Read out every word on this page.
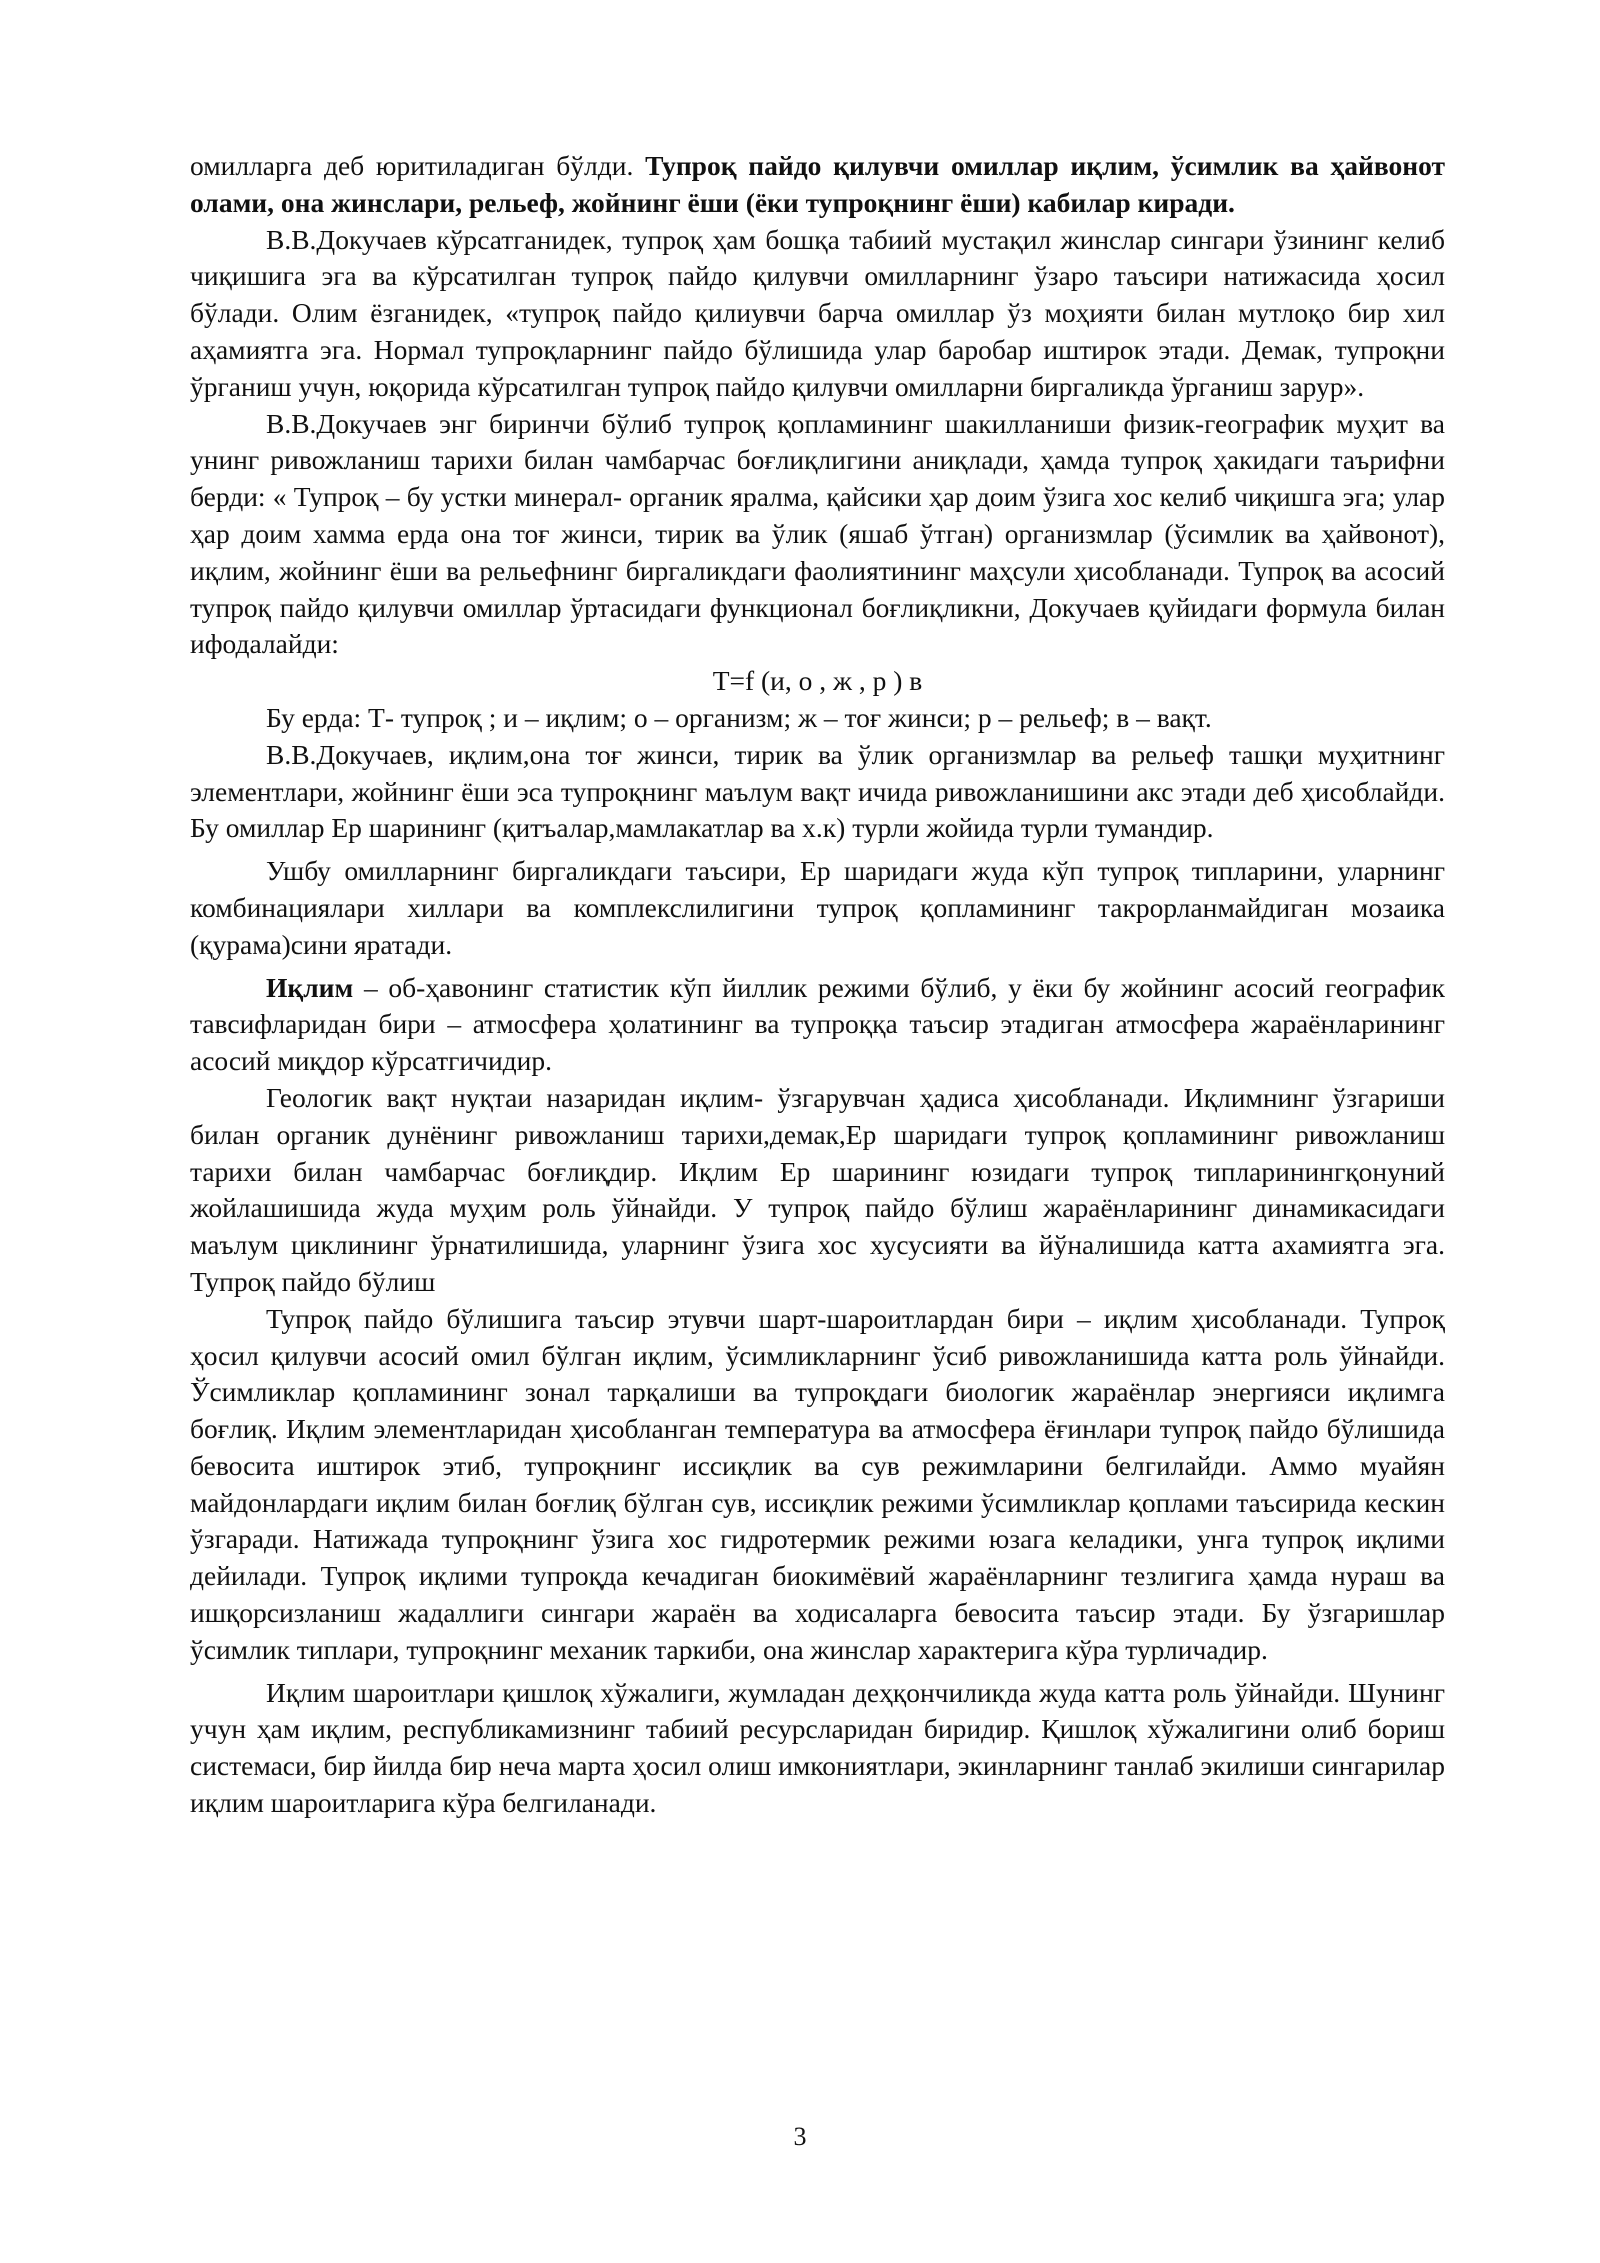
омилларга деб юритиладиган бўлди. Тупроқ пайдо қилувчи омиллар иқлим, ўсимлик ва ҳайвонот олами, она жинслари, рельеф, жойнинг ёши (ёки тупроқнинг ёши) кабилар киради.

В.В.Докучаев кўрсатганидек, тупроқ ҳам бошқа табиий мустақил жинслар сингари ўзининг келиб чиқишига эга ва кўрсатилган тупроқ пайдо қилувчи омилларнинг ўзаро таъсири натижасида ҳосил бўлади. Олим ёзганидек, «тупроқ пайдо қилиувчи барча омиллар ўз моҳияти билан мутлоқо бир хил аҳамиятга эга. Нормал тупроқларнинг пайдо бўлишида улар баробар иштирок этади. Демак, тупроқни ўрганиш учун, юқорида кўрсатилган тупроқ пайдо қилувчи омилларни биргаликда ўрганиш зарур».

В.В.Докучаев энг биринчи бўлиб тупроқ қопламининг шакилланиши физик-географик муҳит ва унинг ривожланиш тарихи билан чамбарчас боғлиқлигини аниқлади, ҳамда тупроқ ҳакидаги таърифни берди: « Тупроқ – бу устки минерал- органик яралма, қайсики ҳар доим ўзига хос келиб чиқишга эга; улар ҳар доим хамма ерда она тоғ жинси, тирик ва ўлик (яшаб ўтган) организмлар (ўсимлик ва ҳайвонот), иқлим, жойнинг ёши ва рельефнинг биргаликдаги фаолиятининг маҳсули ҳисобланади. Тупроқ ва асосий тупроқ пайдо қилувчи омиллар ўртасидаги функционал боғлиқликни, Докучаев қуйидаги формула билан ифодалайди:

Т=f (и, о , ж , р ) в

Бу ерда: Т- тупроқ ; и – иқлим; о – организм; ж – тоғ жинси; р – рельеф; в – вақт.

В.В.Докучаев, иқлим,она тоғ жинси, тирик ва ўлик организмлар ва рельеф ташқи муҳитнинг элементлари, жойнинг ёши эса тупроқнинг маълум вақт ичида ривожланишини акс этади деб ҳисоблайди. Бу омиллар Ер шарининг (қитъалар,мамлакатлар ва х.к) турли жойида турли тумандир.

Ушбу омилларнинг биргаликдаги таъсири, Ер шаридаги жуда кўп тупроқ типларини, уларнинг комбинациялари хиллари ва комплекслилигини тупроқ қопламининг такрорланмайдиган мозаика (қурама)сини яратади.

Иқлим – об-ҳавонинг статистик кўп йиллик режими бўлиб, у ёки бу жойнинг асосий географик тавсифларидан бири – атмосфера ҳолатининг ва тупроққа таъсир этадиган атмосфера жараёнларининг асосий миқдор кўрсатгичидир.

Геологик вақт нуқтаи назаридан иқлим- ўзгарувчан ҳадиса ҳисобланади. Иқлимнинг ўзгариши билан органик дунёнинг ривожланиш тарихи,демак,Ер шаридаги тупроқ қопламининг ривожланиш тарихи билан чамбарчас боғлиқдир. Иқлим Ер шарининг юзидаги тупроқ типларинингқонуний жойлашишида жуда муҳим роль ўйнайди. У тупроқ пайдо бўлиш жараёнларининг динамикасидаги маълум циклининг ўрнатилишида, уларнинг ўзига хос хусусияти ва йўналишида катта ахамиятга эга. Тупроқ пайдо бўлиш

Тупроқ пайдо бўлишига таъсир этувчи шарт-шароитлардан бири – иқлим ҳисобланади. Тупроқ ҳосил қилувчи асосий омил бўлган иқлим, ўсимликларнинг ўсиб ривожланишида катта роль ўйнайди. Ўсимликлар қопламининг зонал тарқалиши ва тупроқдаги биологик жараёнлар энергияси иқлимга боғлиқ. Иқлим элементларидан ҳисобланган температура ва атмосфера ёғинлари тупроқ пайдо бўлишида бевосита иштирок этиб, тупроқнинг иссиқлик ва сув режимларини белгилайди. Аммо муайян майдонлардаги иқлим билан боғлиқ бўлган сув, иссиқлик режими ўсимликлар қоплами таъсирида кескин ўзгаради. Натижада тупроқнинг ўзига хос гидротермик режими юзага келадики, унга тупроқ иқлими дейилади. Тупроқ иқлими тупроқда кечадиган биокимёвий жараёнларнинг тезлигига ҳамда нураш ва ишқорсизланиш жадаллиги сингари жараён ва ходисаларга бевосита таъсир этади. Бу ўзгаришлар ўсимлик типлари, тупроқнинг механик таркиби, она жинслар характерига кўра турличадир.

Иқлим шароитлари қишлоқ хўжалиги, жумладан деҳқончиликда жуда катта роль ўйнайди. Шунинг учун ҳам иқлим, республикамизнинг табиий ресурсларидан биридир. Қишлоқ хўжалигини олиб бориш системаси, бир йилда бир неча марта ҳосил олиш имкониятлари, экинларнинг танлаб экилиши сингарилар иқлим шароитларига кўра белгиланади.

3
